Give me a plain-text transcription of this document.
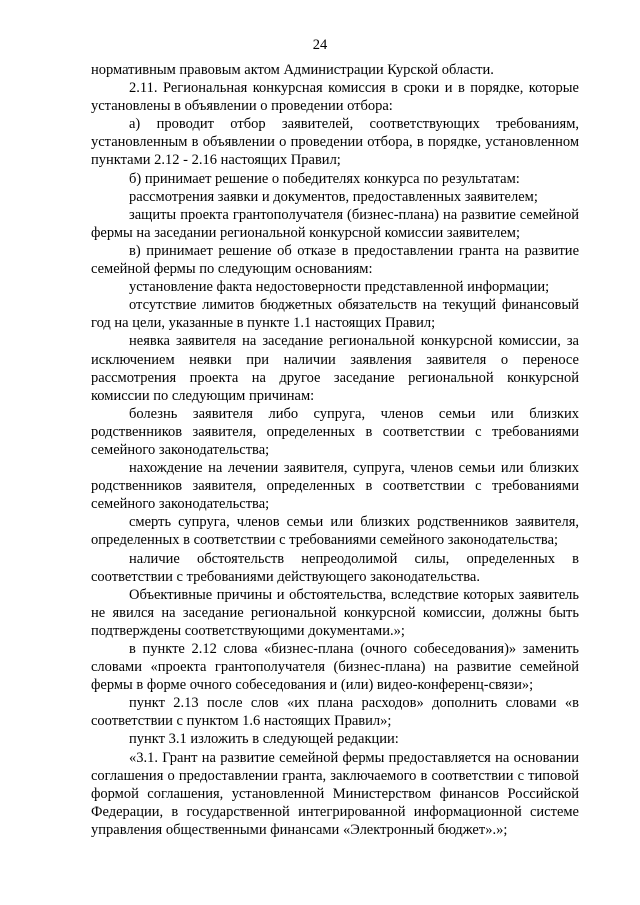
24

нормативным правовым актом Администрации Курской области.

2.11. Региональная конкурсная комиссия в сроки и в порядке, которые установлены в объявлении о проведении отбора:

а) проводит отбор заявителей, соответствующих требованиям, установленным в объявлении о проведении отбора, в порядке, установленном пунктами 2.12 - 2.16 настоящих Правил;

б) принимает решение о победителях конкурса по результатам:

рассмотрения заявки и документов, предоставленных заявителем;

защиты проекта грантополучателя (бизнес-плана) на развитие семейной фермы на заседании региональной конкурсной комиссии заявителем;

в) принимает решение об отказе в предоставлении гранта на развитие семейной фермы по следующим основаниям:

установление факта недостоверности представленной информации;

отсутствие лимитов бюджетных обязательств на текущий финансовый год на цели, указанные в пункте 1.1 настоящих Правил;

неявка заявителя на заседание региональной конкурсной комиссии, за исключением неявки при наличии заявления заявителя о переносе рассмотрения проекта на другое заседание региональной конкурсной комиссии по следующим причинам:

болезнь заявителя либо супруга, членов семьи или близких родственников заявителя, определенных в соответствии с требованиями семейного законодательства;

нахождение на лечении заявителя, супруга, членов семьи или близких родственников заявителя, определенных в соответствии с требованиями семейного законодательства;

смерть супруга, членов семьи или близких родственников заявителя, определенных в соответствии с требованиями семейного законодательства;

наличие обстоятельств непреодолимой силы, определенных в соответствии с требованиями действующего законодательства.

Объективные причины и обстоятельства, вследствие которых заявитель не явился на заседание региональной конкурсной комиссии, должны быть подтверждены соответствующими документами.»;

в пункте 2.12 слова «бизнес-плана (очного собеседования)» заменить словами «проекта грантополучателя (бизнес-плана) на развитие семейной фермы в форме очного собеседования и (или) видео-конференц-связи»;

пункт 2.13 после слов «их плана расходов» дополнить словами «в соответствии с пунктом 1.6 настоящих Правил»;

пункт 3.1 изложить в следующей редакции:

«3.1. Грант на развитие семейной фермы предоставляется на основании соглашения о предоставлении гранта, заключаемого в соответствии с типовой формой соглашения, установленной Министерством финансов Российской Федерации, в государственной интегрированной информационной системе управления общественными финансами «Электронный бюджет».»;
